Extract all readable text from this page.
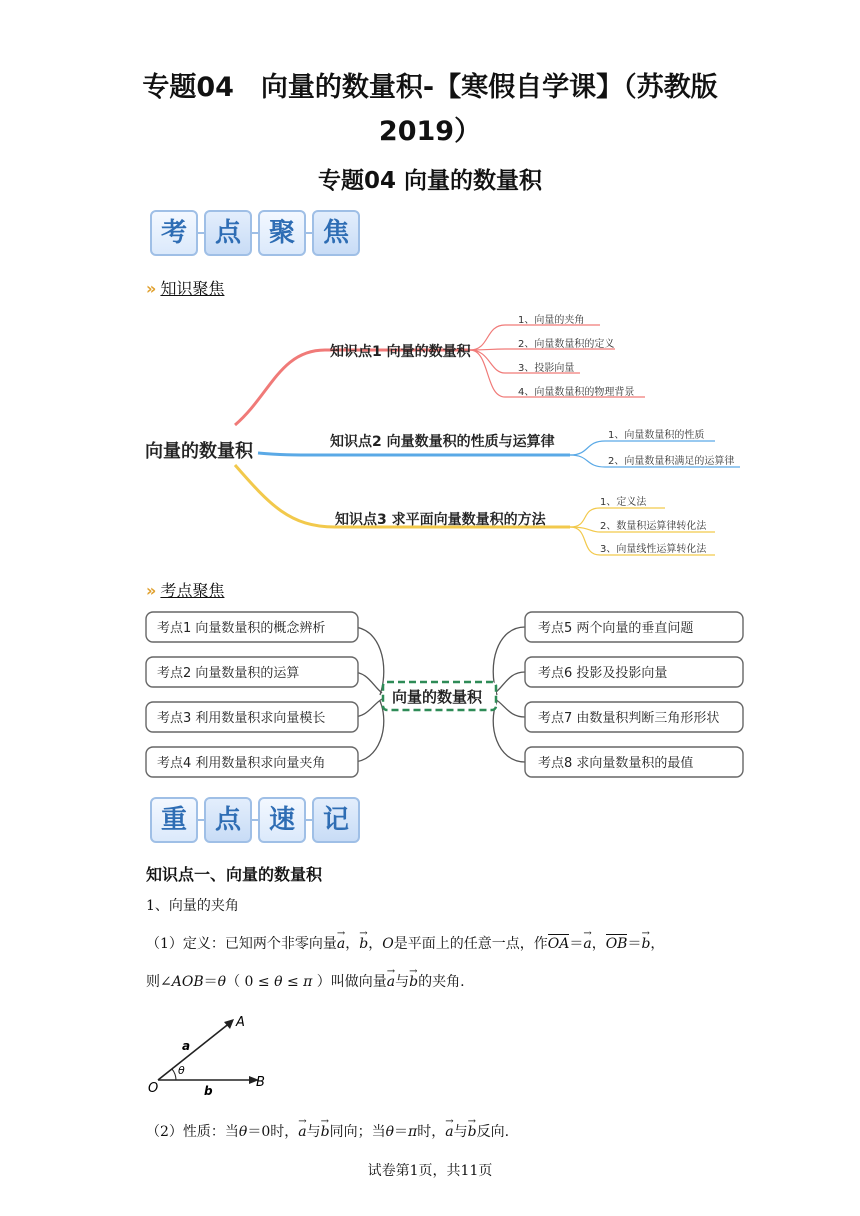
专题04　向量的数量积-【寒假自学课】（苏教版
2019）
专题04 向量的数量积
考	点	聚	焦
» 知识聚焦
向量的数量积
知识点1 向量的数量积
知识点2 向量数量积的性质与运算律
知识点3 求平面向量数量积的方法
1、向量的夹角
2、向量数量积的定义
3、投影向量
4、向量数量积的物理背景
1、向量数量积的性质
2、向量数量积满足的运算律
1、定义法
2、数量积运算律转化法
3、向量线性运算转化法
» 考点聚焦
考点1 向量数量积的概念辨析
考点2 向量数量积的运算
考点3 利用数量积求向量模长
考点4 利用数量积求向量夹角
考点5 两个向量的垂直问题
考点6 投影及投影向量
考点7 由数量积判断三角形形状
考点8 求向量数量积的最值
向量的数量积
重	点	速	记
知识点一、向量的数量积
1、向量的夹角
（1）定义：已知两个非零向量→ a，→ b，O是平面上的任意一点，作OA＝→ a，OB＝→ b，
则∠AOB＝θ（ 0 ≤ θ ≤ π ）叫做向量→ a与→ b的夹角.
A
B
O
a
b
θ
（2）性质：当θ＝0时，→ a与→ b同向；当θ＝π时，→ a与→ b反向.
试卷第1页，共11页
